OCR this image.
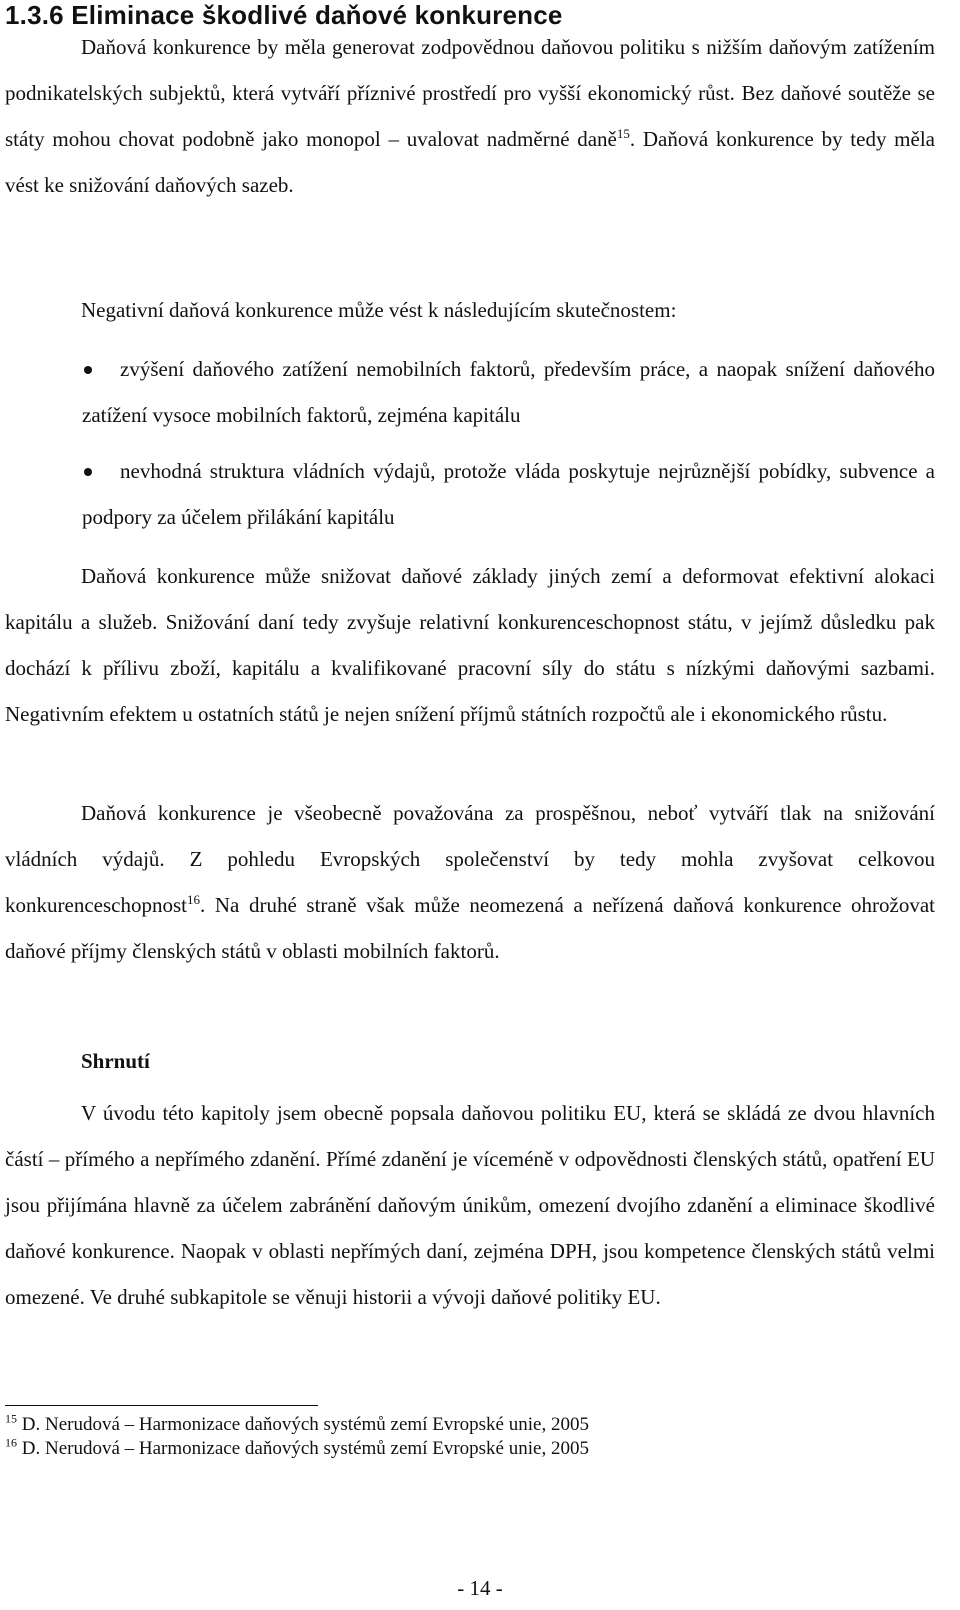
1.3.6 Eliminace škodlivé daňové konkurence

Daňová konkurence by měla generovat zodpovědnou daňovou politiku s nižším daňovým zatížením podnikatelských subjektů, která vytváří příznivé prostředí pro vyšší ekonomický růst. Bez daňové soutěže se státy mohou chovat podobně jako monopol – uvalovat nadměrné daně$^{15}$. Daňová konkurence by tedy měla vést ke snižování daňových sazeb.

Negativní daňová konkurence může vést k následujícím skutečnostem:

zvýšení daňového zatížení nemobilních faktorů, především práce, a naopak snížení daňového zatížení vysoce mobilních faktorů, zejména kapitálu
nevhodná struktura vládních výdajů, protože vláda poskytuje nejrůznější pobídky, subvence a podpory za účelem přilákání kapitálu

Daňová konkurence může snižovat daňové základy jiných zemí a deformovat efektivní alokaci kapitálu a služeb. Snižování daní tedy zvyšuje relativní konkurenceschopnost státu, v jejímž důsledku pak dochází k přílivu zboží, kapitálu a kvalifikované pracovní síly do státu s nízkými daňovými sazbami. Negativním efektem u ostatních států je nejen snížení příjmů státních rozpočtů ale i ekonomického růstu.

Daňová konkurence je všeobecně považována za prospěšnou, neboť vytváří tlak na snižování vládních výdajů. Z pohledu Evropských společenství by tedy mohla zvyšovat celkovou konkurenceschopnost$^{16}$. Na druhé straně však může neomezená a neřízená daňová konkurence ohrožovat daňové příjmy členských států v oblasti mobilních faktorů.

Shrnutí

V úvodu této kapitoly jsem obecně popsala daňovou politiku EU, která se skládá ze dvou hlavních částí – přímého a nepřímého zdanění. Přímé zdanění je víceméně v odpovědnosti členských států, opatření EU jsou přijímána hlavně za účelem zabránění daňovým únikům, omezení dvojího zdanění a eliminace škodlivé daňové konkurence. Naopak v oblasti nepřímých daní, zejména DPH, jsou kompetence členských států velmi omezené. Ve druhé subkapitole se věnuji historii a vývoji daňové politiky EU.

$^{15}$ D. Nerudová – Harmonizace daňových systémů zemí Evropské unie, 2005

$^{16}$ D. Nerudová – Harmonizace daňových systémů zemí Evropské unie, 2005

- 14 -
